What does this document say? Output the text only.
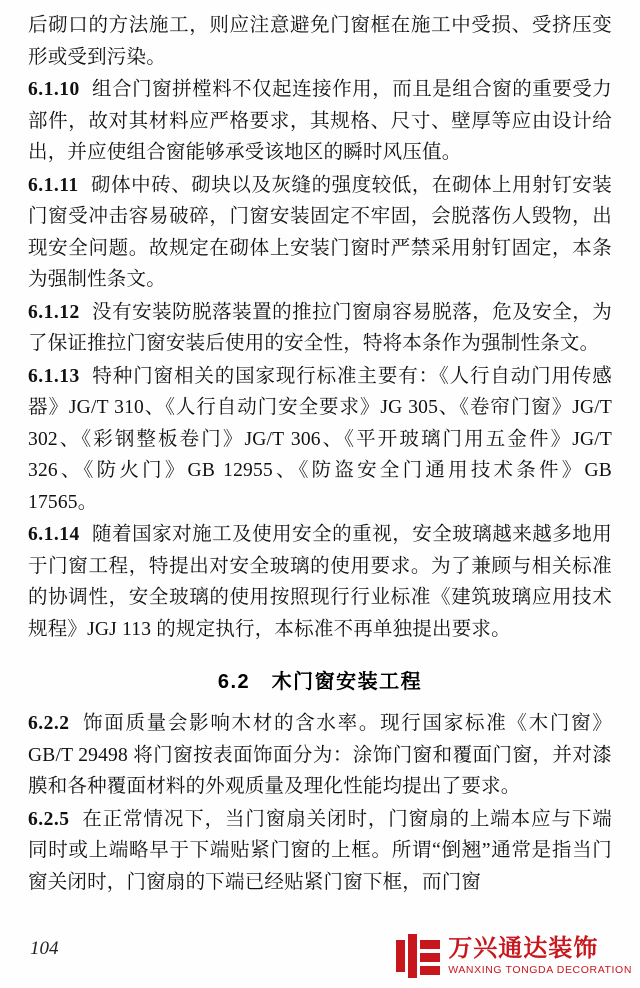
后砌口的方法施工，则应注意避免门窗框在施工中受损、受挤压变形或受到污染。

6.1.10 组合门窗拼樘料不仅起连接作用，而且是组合窗的重要受力部件，故对其材料应严格要求，其规格、尺寸、壁厚等应由设计给出，并应使组合窗能够承受该地区的瞬时风压值。

6.1.11 砌体中砖、砌块以及灰缝的强度较低，在砌体上用射钉安装门窗受冲击容易破碎，门窗安装固定不牢固，会脱落伤人毁物，出现安全问题。故规定在砌体上安装门窗时严禁采用射钉固定，本条为强制性条文。

6.1.12 没有安装防脱落装置的推拉门窗扇容易脱落，危及安全，为了保证推拉门窗安装后使用的安全性，特将本条作为强制性条文。

6.1.13 特种门窗相关的国家现行标准主要有：《人行自动门用传感器》JG/T 310、《人行自动门安全要求》JG 305、《卷帘门窗》JG/T 302、《彩钢整板卷门》JG/T 306、《平开玻璃门用五金件》JG/T 326、《防火门》GB 12955、《防盗安全门通用技术条件》GB 17565。

6.1.14 随着国家对施工及使用安全的重视，安全玻璃越来越多地用于门窗工程，特提出对安全玻璃的使用要求。为了兼顾与相关标准的协调性，安全玻璃的使用按照现行行业标准《建筑玻璃应用技术规程》JGJ 113 的规定执行，本标准不再单独提出要求。

6.2　木门窗安装工程

6.2.2 饰面质量会影响木材的含水率。现行国家标准《木门窗》GB/T 29498 将门窗按表面饰面分为：涂饰门窗和覆面门窗，并对漆膜和各种覆面材料的外观质量及理化性能均提出了要求。

6.2.5 在正常情况下，当门窗扇关闭时，门窗扇的上端本应与下端同时或上端略早于下端贴紧门窗的上框。所谓“倒翘”通常是指当门窗关闭时，门窗扇的下端已经贴紧门窗下框，而门窗

104	万兴通达装饰
WANXING TONGDA DECORATION
